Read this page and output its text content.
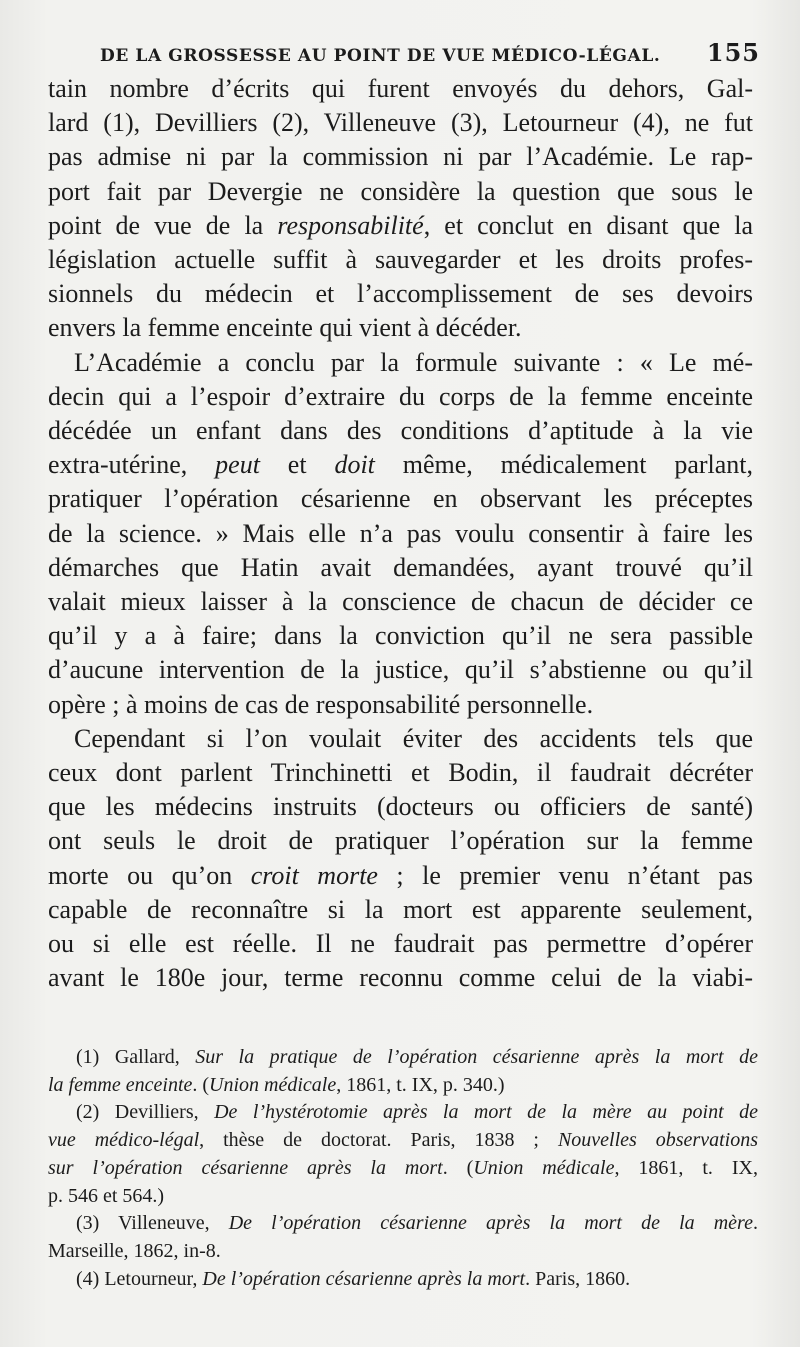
DE LA GROSSESSE AU POINT DE VUE MÉDICO-LÉGAL. 155
tain nombre d’écrits qui furent envoyés du dehors, Gal-
lard (1), Devilliers (2), Villeneuve (3), Letourneur (4), ne fut
pas admise ni par la commission ni par l’Académie. Le rap-
port fait par Devergie ne considère la question que sous le
point de vue de la responsabilité, et conclut en disant que la
législation actuelle suffit à sauvegarder et les droits profes-
sionnels du médecin et l’accomplissement de ses devoirs
envers la femme enceinte qui vient à décéder.
L’Académie a conclu par la formule suivante : « Le mé-
decin qui a l’espoir d’extraire du corps de la femme enceinte
décédée un enfant dans des conditions d’aptitude à la vie
extra-utérine, peut et doit même, médicalement parlant,
pratiquer l’opération césarienne en observant les préceptes
de la science. » Mais elle n’a pas voulu consentir à faire les
démarches que Hatin avait demandées, ayant trouvé qu’il
valait mieux laisser à la conscience de chacun de décider ce
qu’il y a à faire; dans la conviction qu’il ne sera passible
d’aucune intervention de la justice, qu’il s’abstienne ou qu’il
opère ; à moins de cas de responsabilité personnelle.
Cependant si l’on voulait éviter des accidents tels que
ceux dont parlent Trinchinetti et Bodin, il faudrait décréter
que les médecins instruits (docteurs ou officiers de santé)
ont seuls le droit de pratiquer l’opération sur la femme
morte ou qu’on croit morte ; le premier venu n’étant pas
capable de reconnaître si la mort est apparente seulement,
ou si elle est réelle. Il ne faudrait pas permettre d’opérer
avant le 180e jour, terme reconnu comme celui de la viabi-
(1) Gallard, Sur la pratique de l’opération césarienne après la mort de
la femme enceinte. (Union médicale, 1861, t. IX, p. 340.)
(2) Devilliers, De l’hystérotomie après la mort de la mère au point de
vue médico-légal, thèse de doctorat. Paris, 1838 ; Nouvelles observations
sur l’opération césarienne après la mort. (Union médicale, 1861, t. IX,
p. 546 et 564.)
(3) Villeneuve, De l’opération césarienne après la mort de la mère.
Marseille, 1862, in-8.
(4) Letourneur, De l’opération césarienne après la mort. Paris, 1860.
